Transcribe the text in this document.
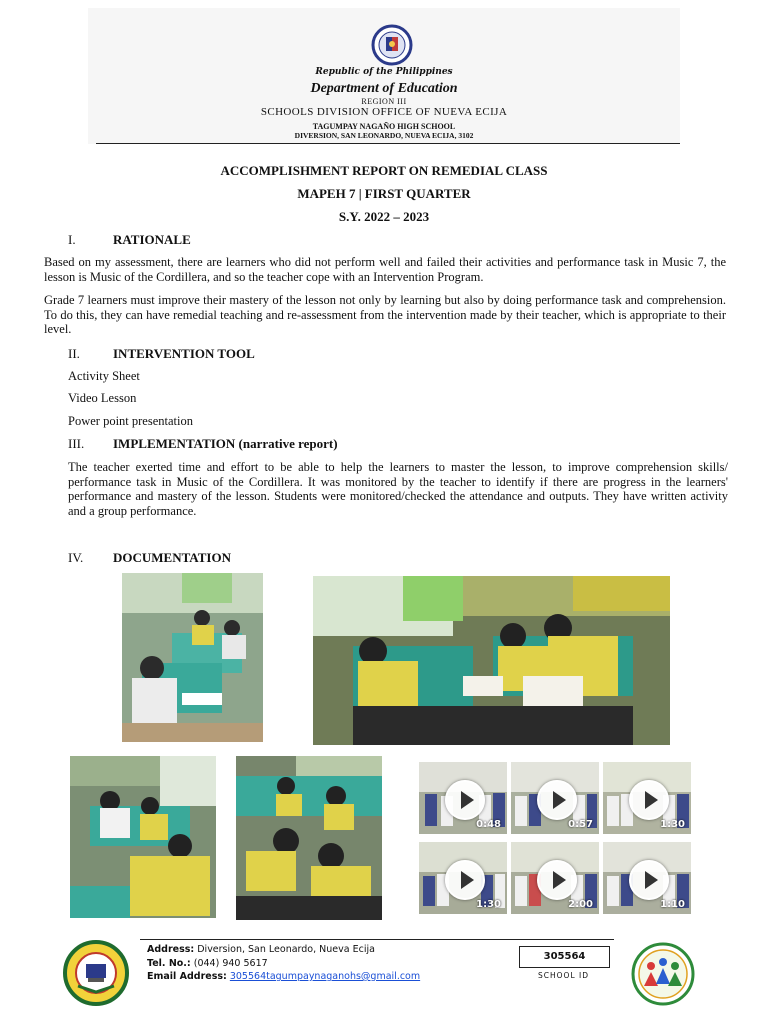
Republic of the Philippines
Department of Education
REGION III
SCHOOLS DIVISION OFFICE OF NUEVA ECIJA
TAGUMPAY NAGAÑO HIGH SCHOOL
DIVERSION, SAN LEONARDO, NUEVA ECIJA, 3102
ACCOMPLISHMENT REPORT ON REMEDIAL CLASS
MAPEH 7 | FIRST QUARTER
S.Y. 2022 – 2023
I.	RATIONALE
Based on my assessment, there are learners who did not perform well and failed their activities and performance task in Music 7, the lesson is Music of the Cordillera, and so the teacher cope with an Intervention Program.
Grade 7 learners must improve their mastery of the lesson not only by learning but also by doing performance task and comprehension. To do this, they can have remedial teaching and re-assessment from the intervention made by their teacher, which is appropriate to their level.
II.	INTERVENTION TOOL
Activity Sheet
Video Lesson
Power point presentation
III. IMPLEMENTATION (narrative report)
The teacher exerted time and effort to be able to help the learners to master the lesson, to improve comprehension skills/ performance task in Music of the Cordillera. It was monitored by the teacher to identify if there are progress in the learners' performance and mastery of the lesson. Students were monitored/checked the attendance and outputs. They have written activity and a group performance.
IV. DOCUMENTATION
0:48	0:57	1:30
1:30	2:00	1:10
Address: Diversion, San Leonardo, Nueva Ecija
Tel. No.: (044) 940 5617
Email Address: 305564tagumpaynaganohs@gmail.com
305564
SCHOOL ID
